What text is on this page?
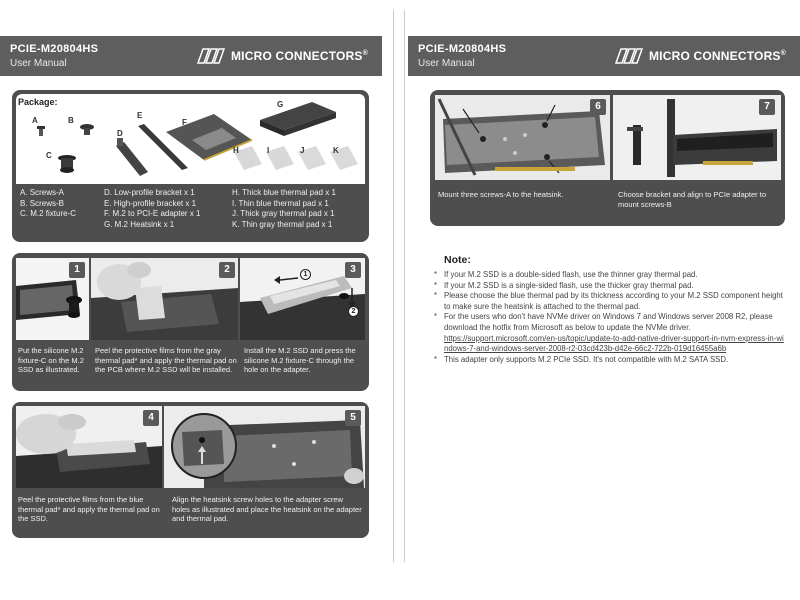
PCIE-M20804HS
User Manual
MICRO CONNECTORS®
Package:
A	B
C
D
E
F
G
H	I	J	K
A. Screws-A
B. Screws-B
C. M.2 fixture-C
D. Low-profile bracket x 1
E. High-profile bracket x 1
F. M.2 to PCI-E adapter x 1
G. M.2 Heatsink x 1
H. Thick blue thermal pad x 1
I. Thin blue thermal pad x 1
J. Thick gray thermal pad x 1
K. Thin gray thermal pad x 1
1
2
1	2	3
Put the silicone M.2 fixture-C on the M.2 SSD as illustrated.
Peel the protective films from the gray thermal pad* and apply the thermal pad on the PCB where M.2 SSD will be installed.
Install the M.2 SSD and press the silicone M.2 fixture-C through the hole on the adapter.
4	5
Peel the protective films from the blue thermal pad* and apply the thermal pad on the SSD.
Align the heatsink screw holes to the adapter screw holes as illustrated and place the heatsink on the adapter and thermal pad.
PCIE-M20804HS
User Manual
MICRO CONNECTORS®
6	7
Mount three screws-A to the heatsink.	Choose bracket and align to PCIe adapter to mount screws-B
Note:
* If your M.2 SSD is a double-sided flash, use the thinner gray thermal pad.
* If your M.2 SSD is a single-sided flash, use the thicker gray thermal pad.
* Please choose the blue thermal pad by its thickness according to your M.2 SSD component height to make sure the heatsink is attached to the thermal pad.
* For the users who don't have NVMe driver on Windows 7 and Windows server 2008 R2, please download the hotfix from Microsoft as below to update the NVMe driver.
https://support.microsoft.com/en-us/topic/update-to-add-native-driver-support-in-nvm-express-in-windows-7-and-windows-server-2008-r2-03cd423b-d42e-66c2-722b-019d16455a6b
* This adapter only supports M.2 PCIe SSD. It's not compatible with M.2 SATA SSD.
